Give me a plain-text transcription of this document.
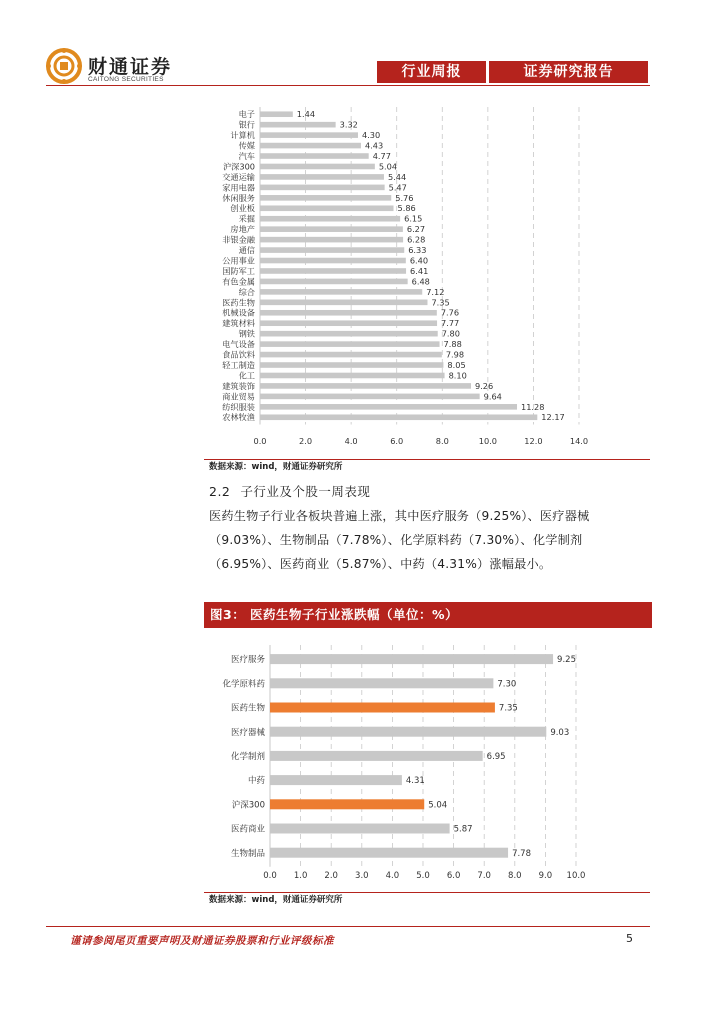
财通证券
CAITONG SECURITIES	行业周报	证券研究报告
电子	1.44
银行	3.32
计算机	4.30
传媒	4.43
汽车	4.77
沪深300	5.04
交通运输	5.44
家用电器	5.47
休闲服务	5.76
创业板	5.86
采掘	6.15
房地产	6.27
非银金融	6.28
通信	6.33
公用事业	6.40
国防军工	6.41
有色金属	6.48
综合	7.12
医药生物	7.35
机械设备	7.76
建筑材料	7.77
钢铁	7.80
电气设备	7.88
食品饮料	7.98
轻工制造	8.05
化工	8.10
建筑装饰	9.26
商业贸易	9.64
纺织服装	11.28
农林牧渔	12.17
0.0	2.0	4.0	6.0	8.0	10.0	12.0	14.0
数据来源：wind，财通证券研究所
2.2 子行业及个股一周表现
医药生物子行业各板块普遍上涨，其中医疗服务（9.25%）、医疗器械（9.03%）、生物制品（7.78%）、化学原料药（7.30%）、化学制剂（6.95%）、医药商业（5.87%）、中药（4.31%）涨幅最小。
图3： 医药生物子行业涨跌幅（单位：%）
医疗服务	9.25
化学原料药	7.30
医药生物	7.35
医疗器械	9.03
化学制剂	6.95
中药	4.31
沪深300	5.04
医药商业	5.87
生物制品	7.78
0.0 1.0 2.0 3.0 4.0 5.0 6.0 7.0 8.0 9.0 10.0
数据来源：wind，财通证券研究所
谨请参阅尾页重要声明及财通证券股票和行业评级标准	5
